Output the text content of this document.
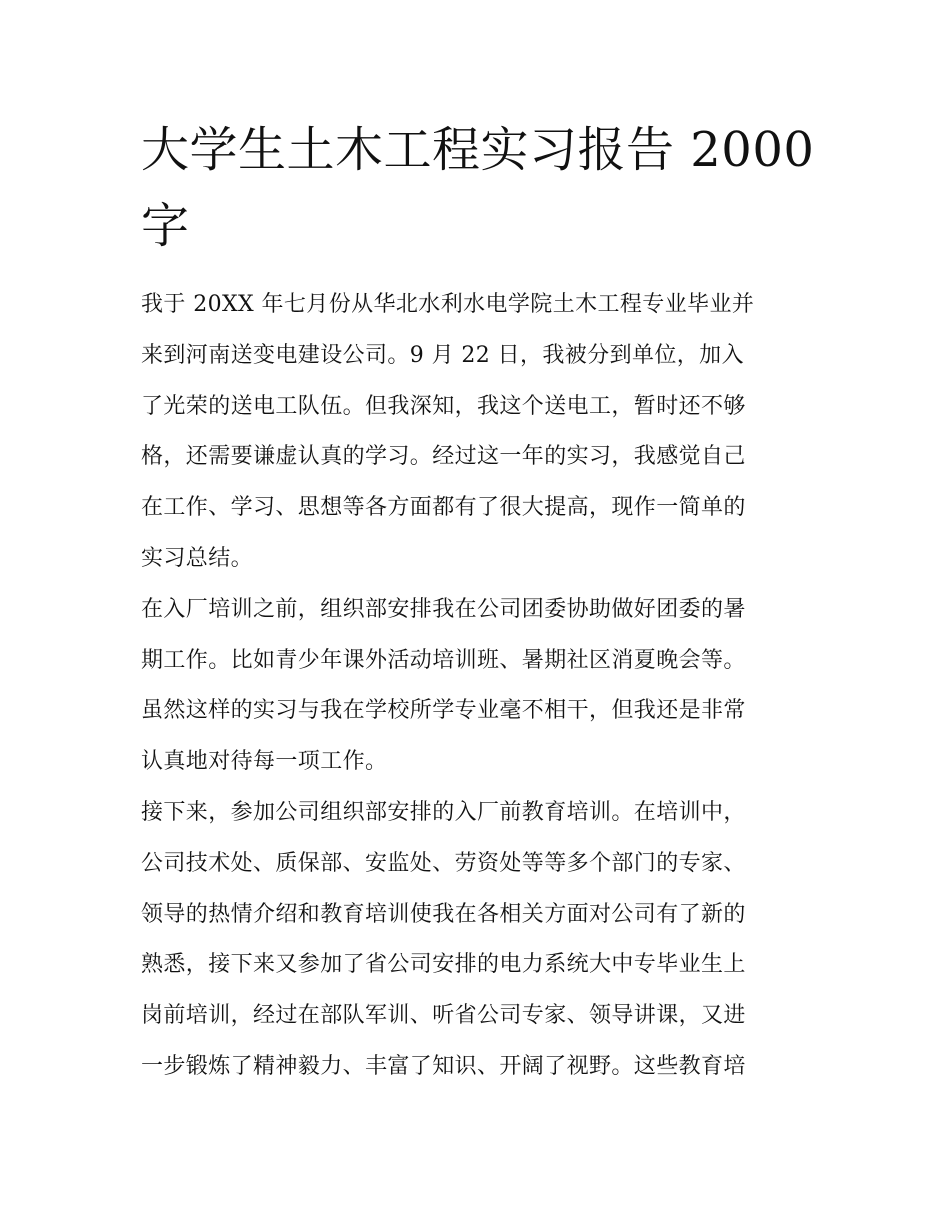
大学生土木工程实习报告 2000
字

我于 20XX 年七月份从华北水利水电学院土木工程专业毕业并
来到河南送变电建设公司。9 月 22 日，我被分到单位，加入
了光荣的送电工队伍。但我深知，我这个送电工，暂时还不够
格，还需要谦虚认真的学习。经过这一年的实习，我感觉自己
在工作、学习、思想等各方面都有了很大提高，现作一简单的
实习总结。

在入厂培训之前，组织部安排我在公司团委协助做好团委的暑
期工作。比如青少年课外活动培训班、暑期社区消夏晚会等。
虽然这样的实习与我在学校所学专业毫不相干，但我还是非常
认真地对待每一项工作。

接下来，参加公司组织部安排的入厂前教育培训。在培训中，
公司技术处、质保部、安监处、劳资处等等多个部门的专家、
领导的热情介绍和教育培训使我在各相关方面对公司有了新的
熟悉，接下来又参加了省公司安排的电力系统大中专毕业生上
岗前培训，经过在部队军训、听省公司专家、领导讲课，又进
一步锻炼了精神毅力、丰富了知识、开阔了视野。这些教育培
